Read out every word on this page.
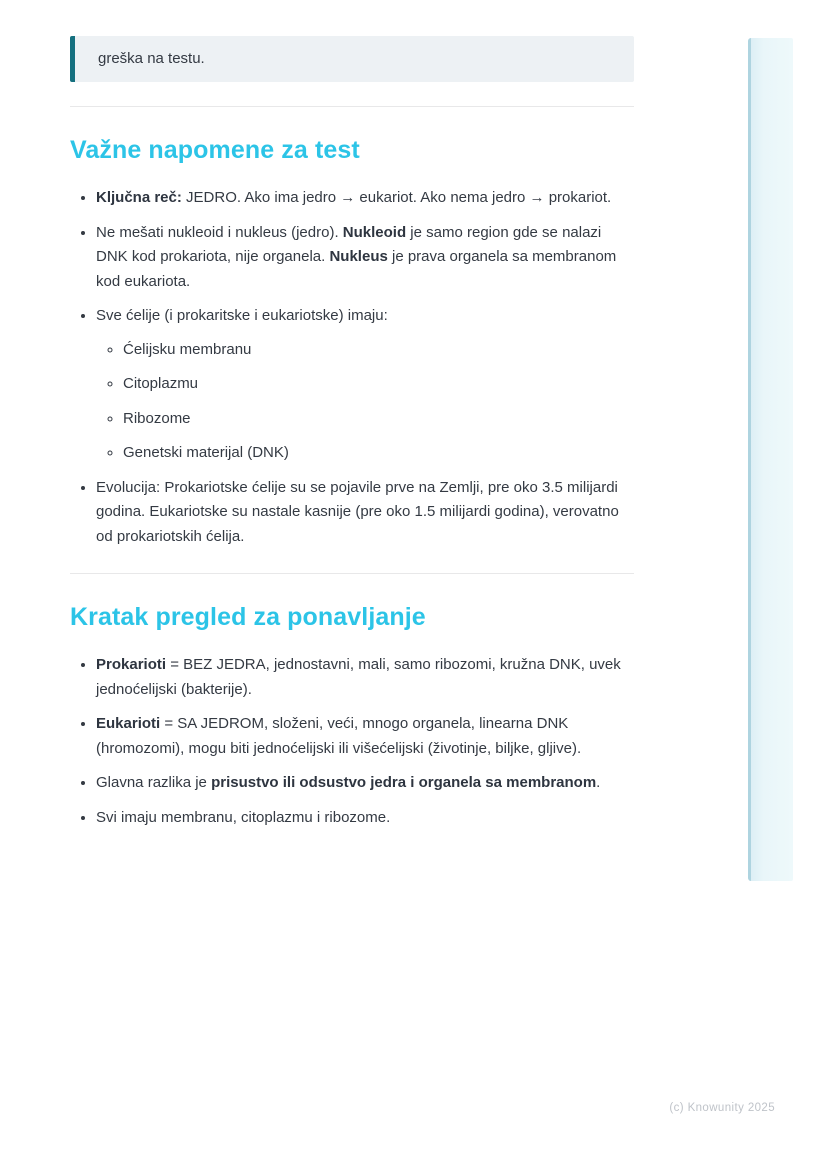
greška na testu.
Važne napomene za test
• Ključna reč: JEDRO. Ako ima jedro → eukariot. Ako nema jedro → prokariot.
• Ne mešati nukleoid i nukleus (jedro). Nukleoid je samo region gde se nalazi DNK kod prokariota, nije organela. Nukleus je prava organela sa membranom kod eukariota.
• Sve ćelije (i prokaritske i eukariotske) imaju:
◦ Ćelijsku membranu
◦ Citoplazmu
◦ Ribozome
◦ Genetski materijal (DNK)
• Evolucija: Prokariotske ćelije su se pojavile prve na Zemlji, pre oko 3.5 milijardi godina. Eukariotske su nastale kasnije (pre oko 1.5 milijardi godina), verovatno od prokariotskih ćelija.
Kratak pregled za ponavljanje
• Prokarioti = BEZ JEDRA, jednostavni, mali, samo ribozomi, kružna DNK, uvek jednoćelijski (bakterije).
• Eukarioti = SA JEDROM, složeni, veći, mnogo organela, linearna DNK (hromozomi), mogu biti jednoćelijski ili višećelijski (životinje, biljke, gljive).
• Glavna razlika je prisustvo ili odsustvo jedra i organela sa membranom.
• Svi imaju membranu, citoplazmu i ribozome.
(c) Knowunity 2025
